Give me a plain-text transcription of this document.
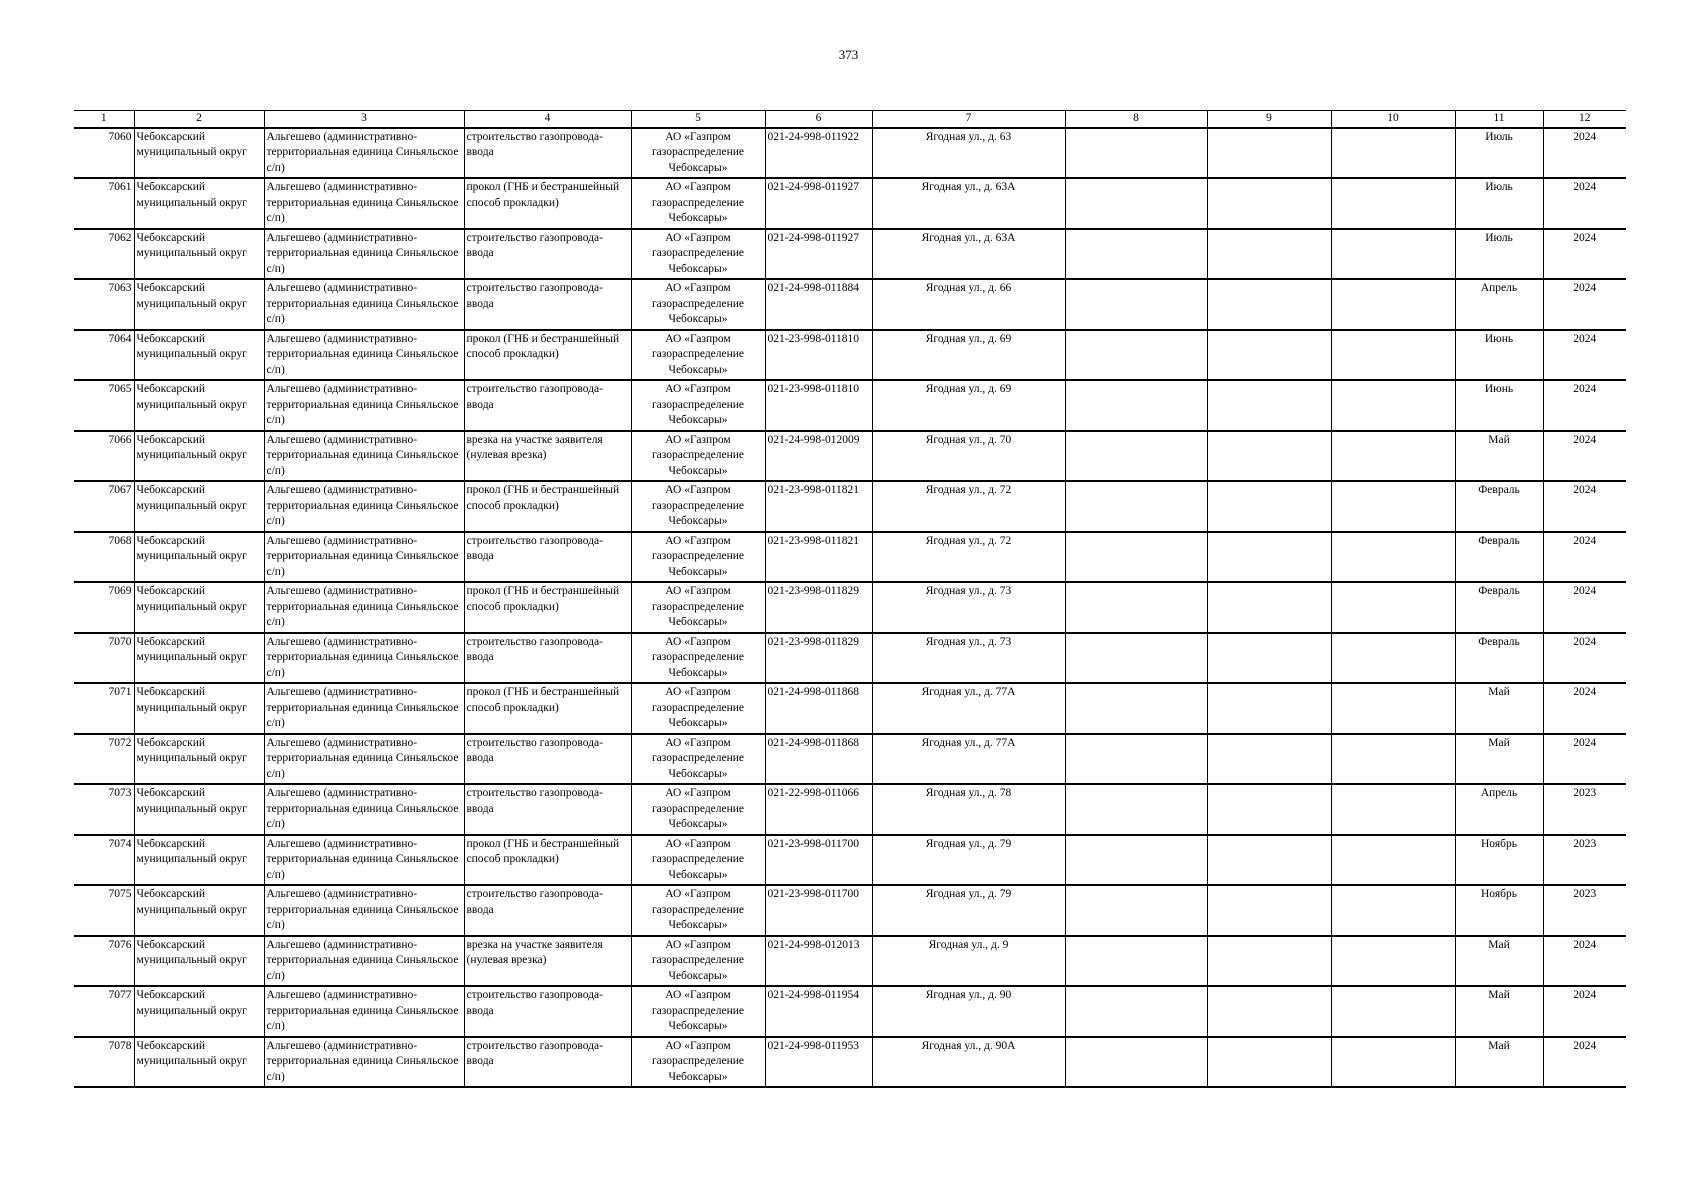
373
1	2	3	4	5	6	7	8	9	10	11	12
7060	Чебоксарский муниципальный округ	Альгешево (административно-территориальная единица Синьяльское с/п)	строительство газопровода-ввода	АО «Газпром газораспределение Чебоксары»	021-24-998-011922	Ягодная ул., д. 63				Июль	2024
7061	Чебоксарский муниципальный округ	Альгешево (административно-территориальная единица Синьяльское с/п)	прокол (ГНБ и бестраншейный способ прокладки)	АО «Газпром газораспределение Чебоксары»	021-24-998-011927	Ягодная ул., д. 63А				Июль	2024
7062	Чебоксарский муниципальный округ	Альгешево (административно-территориальная единица Синьяльское с/п)	строительство газопровода-ввода	АО «Газпром газораспределение Чебоксары»	021-24-998-011927	Ягодная ул., д. 63А				Июль	2024
7063	Чебоксарский муниципальный округ	Альгешево (административно-территориальная единица Синьяльское с/п)	строительство газопровода-ввода	АО «Газпром газораспределение Чебоксары»	021-24-998-011884	Ягодная ул., д. 66				Апрель	2024
7064	Чебоксарский муниципальный округ	Альгешево (административно-территориальная единица Синьяльское с/п)	прокол (ГНБ и бестраншейный способ прокладки)	АО «Газпром газораспределение Чебоксары»	021-23-998-011810	Ягодная ул., д. 69				Июнь	2024
7065	Чебоксарский муниципальный округ	Альгешево (административно-территориальная единица Синьяльское с/п)	строительство газопровода-ввода	АО «Газпром газораспределение Чебоксары»	021-23-998-011810	Ягодная ул., д. 69				Июнь	2024
7066	Чебоксарский муниципальный округ	Альгешево (административно-территориальная единица Синьяльское с/п)	врезка на участке заявителя (нулевая врезка)	АО «Газпром газораспределение Чебоксары»	021-24-998-012009	Ягодная ул., д. 70				Май	2024
7067	Чебоксарский муниципальный округ	Альгешево (административно-территориальная единица Синьяльское с/п)	прокол (ГНБ и бестраншейный способ прокладки)	АО «Газпром газораспределение Чебоксары»	021-23-998-011821	Ягодная ул., д. 72				Февраль	2024
7068	Чебоксарский муниципальный округ	Альгешево (административно-территориальная единица Синьяльское с/п)	строительство газопровода-ввода	АО «Газпром газораспределение Чебоксары»	021-23-998-011821	Ягодная ул., д. 72				Февраль	2024
7069	Чебоксарский муниципальный округ	Альгешево (административно-территориальная единица Синьяльское с/п)	прокол (ГНБ и бестраншейный способ прокладки)	АО «Газпром газораспределение Чебоксары»	021-23-998-011829	Ягодная ул., д. 73				Февраль	2024
7070	Чебоксарский муниципальный округ	Альгешево (административно-территориальная единица Синьяльское с/п)	строительство газопровода-ввода	АО «Газпром газораспределение Чебоксары»	021-23-998-011829	Ягодная ул., д. 73				Февраль	2024
7071	Чебоксарский муниципальный округ	Альгешево (административно-территориальная единица Синьяльское с/п)	прокол (ГНБ и бестраншейный способ прокладки)	АО «Газпром газораспределение Чебоксары»	021-24-998-011868	Ягодная ул., д. 77А				Май	2024
7072	Чебоксарский муниципальный округ	Альгешево (административно-территориальная единица Синьяльское с/п)	строительство газопровода-ввода	АО «Газпром газораспределение Чебоксары»	021-24-998-011868	Ягодная ул., д. 77А				Май	2024
7073	Чебоксарский муниципальный округ	Альгешево (административно-территориальная единица Синьяльское с/п)	строительство газопровода-ввода	АО «Газпром газораспределение Чебоксары»	021-22-998-011066	Ягодная ул., д. 78				Апрель	2023
7074	Чебоксарский муниципальный округ	Альгешево (административно-территориальная единица Синьяльское с/п)	прокол (ГНБ и бестраншейный способ прокладки)	АО «Газпром газораспределение Чебоксары»	021-23-998-011700	Ягодная ул., д. 79				Ноябрь	2023
7075	Чебоксарский муниципальный округ	Альгешево (административно-территориальная единица Синьяльское с/п)	строительство газопровода-ввода	АО «Газпром газораспределение Чебоксары»	021-23-998-011700	Ягодная ул., д. 79				Ноябрь	2023
7076	Чебоксарский муниципальный округ	Альгешево (административно-территориальная единица Синьяльское с/п)	врезка на участке заявителя (нулевая врезка)	АО «Газпром газораспределение Чебоксары»	021-24-998-012013	Ягодная ул., д. 9				Май	2024
7077	Чебоксарский муниципальный округ	Альгешево (административно-территориальная единица Синьяльское с/п)	строительство газопровода-ввода	АО «Газпром газораспределение Чебоксары»	021-24-998-011954	Ягодная ул., д. 90				Май	2024
7078	Чебоксарский муниципальный округ	Альгешево (административно-территориальная единица Синьяльское с/п)	строительство газопровода-ввода	АО «Газпром газораспределение Чебоксары»	021-24-998-011953	Ягодная ул., д. 90А				Май	2024
